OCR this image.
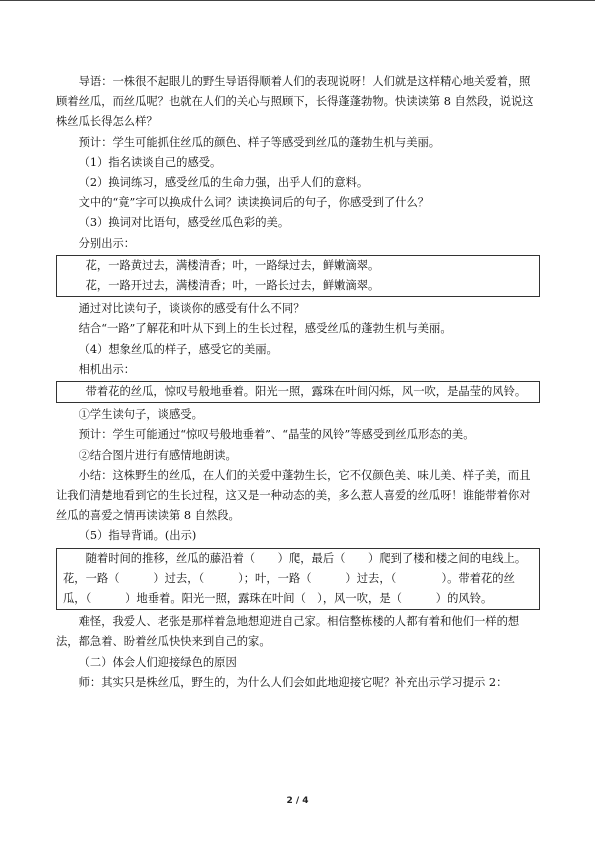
导语：一株很不起眼儿的野生导语得顺着人们的表现说呀！人们就是这样精心地关爱着，照顾着丝瓜，而丝瓜呢？也就在人们的关心与照顾下，长得蓬蓬勃物。快读读第 8 自然段，说说这株丝瓜长得怎么样？

预计：学生可能抓住丝瓜的颜色、样子等感受到丝瓜的蓬勃生机与美丽。

（1）指名读谈自己的感受。

（2）换词练习，感受丝瓜的生命力强，出乎人们的意料。

文中的“竟”字可以换成什么词？读读换词后的句子，你感受到了什么？

（3）换词对比语句，感受丝瓜色彩的美。

分别出示：

花，一路黄过去，满楼清香；叶，一路绿过去，鲜嫩滴翠。

花，一路开过去，满楼清香；叶，一路长过去，鲜嫩滴翠。

通过对比读句子，谈谈你的感受有什么不同？

结合“一路”了解花和叶从下到上的生长过程，感受丝瓜的蓬勃生机与美丽。

（4）想象丝瓜的样子，感受它的美丽。

相机出示：

带着花的丝瓜，惊叹号般地垂着。阳光一照，露珠在叶间闪烁，风一吹，是晶莹的风铃。

①学生读句子，谈感受。

预计：学生可能通过“惊叹号般地垂着”、“晶莹的风铃”等感受到丝瓜形态的美。

②结合图片进行有感情地朗读。

小结：这株野生的丝瓜，在人们的关爱中蓬勃生长，它不仅颜色美、味儿美、样子美，而且让我们清楚地看到它的生长过程，这又是一种动态的美，多么惹人喜爱的丝瓜呀！谁能带着你对丝瓜的喜爱之情再读读第 8 自然段。

（5）指导背诵。(出示)

随着时间的推移，丝瓜的藤沿着（　　）爬，最后（　　）爬到了楼和楼之间的电线上。花，一路（　　　）过去，（　　　）；叶，一路（　　　）过去，（　　　　）。带着花的丝瓜，（　　　）地垂着。阳光一照，露珠在叶间（　），风一吹，是（　　　）的风铃。

难怪，我爱人、老张是那样着急地想迎进自己家。相信整栋楼的人都有着和他们一样的想法，都急着、盼着丝瓜快快来到自己的家。

（二）体会人们迎接绿色的原因

师：其实只是株丝瓜，野生的，为什么人们会如此地迎接它呢？补充出示学习提示 2：

2 / 4
